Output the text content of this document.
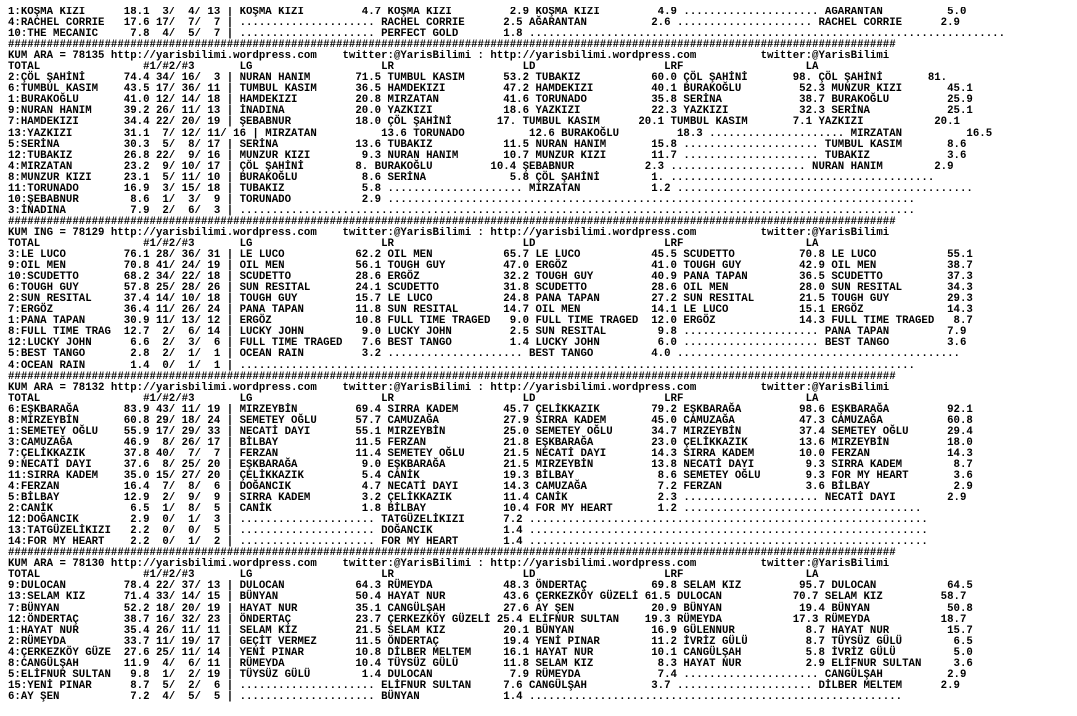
1:KOŞMA KIZI      18.1  3/  4/ 13 | KOŞMA KIZI         4.7 KOŞMA KIZI         2.9 KOŞMA KIZI         4.9 ..................... AĞARANTAN          5.0
4:RACHEL CORRIE   17.6 17/  7/  7 | ..................... RACHEL CORRIE      2.5 AĞARANTAN          2.6 ..................... RACHEL CORRIE      2.9
10:THE MECANIC     7.8  4/  5/  7 | ..................... PERFECT GOLD       1.8 ..........................................................................
##########################################################################################################################################
KUM ARA = 78135 http://yarisbilimi.wordpress.com    twitter:@YarisBilimi : http://yarisbilimi.wordpress.com          twitter:@YarisBilimi
TOTAL                #1/#2/#3       LG                    LR                    LD                    LRF                   LA
2:ÇÖL ŞAHİNİ      74.4 34/ 16/  3 | NURAN HANIM       71.5 TUMBUL KASIM      53.2 TUBAKIZ           60.0 ÇÖL ŞAHİNİ       98. ÇÖL ŞAHİNİ       81.
6:TUMBUL KASIM    43.5 17/ 36/ 11 | TUMBUL KASIM      36.5 HAMDEKIZI         47.2 HAMDEKIZI         40.1 BURAKOĞLU         52.3 MUNZUR KIZI       45.1
1:BURAKOĞLU       41.0 12/ 14/ 18 | HAMDEKIZI         20.8 MIRZATAN          41.6 TORUNADO          35.8 SERİNA            38.7 BURAKOĞLU         25.9
9:NURAN HANIM     39.2 26/ 11/ 13 | İNADINA           20.0 YAZKIZI           18.6 YAZKIZI           22.3 YAZKIZI           32.3 SERİNA            25.1
7:HAMDEKIZI       34.4 22/ 20/ 19 | ŞEBABNUR          18.0 ÇÖL ŞAHİNİ       17. TUMBUL KASIM      20.1 TUMBUL KASIM       7.1 YAZKIZI           20.1
13:YAZKIZI        31.1  7/ 12/ 11/ 16 | MIRZATAN          13.6 TORUNADO          12.6 BURAKOĞLU         18.3 ..................... MIRZATAN          16.5
5:SERİNA          30.3  5/  8/ 17 | SERİNA            13.6 TUBAKIZ           11.5 NURAN HANIM       15.8 ..................... TUMBUL KASIM       8.6
12:TUBAKIZ        26.8 22/  9/ 16 | MUNZUR KIZI        9.3 NURAN HANIM       10.7 MUNZUR KIZI       11.7 ..................... TUBAKIZ            3.6
4:MIRZATAN        23.2  9/ 10/ 17 | ÇÖL ŞAHİNİ        8. BURAKOĞLU         10.4 ŞEBABNUR           2.3 ..................... NURAN HANIM        2.9
8:MUNZUR KIZI     23.1  5/ 11/ 10 | BURAKOĞLU          8.6 SERİNA             5.8 ÇÖL ŞAHİNİ        1. .........................................
11:TORUNADO       16.9  3/ 15/ 18 | TUBAKIZ            5.8 ..................... MIRZATAN           1.2 ..............................................
10:ŞEBABNUR        8.6  1/  3/  9 | TORUNADO           2.9 ..................................................................................
3:İNADINA          7.9  2/  6/  3 | .........................................................................................................
##########################################################################################################################################
KUM ING = 78129 http://yarisbilimi.wordpress.com    twitter:@YarisBilimi : http://yarisbilimi.wordpress.com          twitter:@YarisBilimi
TOTAL                #1/#2/#3       LG                    LR                    LD                    LRF                   LA
3:LE LUCO         76.1 28/ 36/ 31 | LE LUCO           62.2 OIL MEN           65.7 LE LUCO           45.5 SCUDETTO          70.8 LE LUCO           55.1
9:OIL MEN         70.8 41/ 24/ 19 | OIL MEN           56.1 TOUGH GUY         47.0 ERGÖZ             41.0 TOUGH GUY         42.9 OIL MEN           38.7
10:SCUDETTO       68.2 34/ 22/ 18 | SCUDETTO          28.6 ERGÖZ             32.2 TOUGH GUY         40.9 PANA TAPAN        36.5 SCUDETTO          37.3
6:TOUGH GUY       57.8 25/ 28/ 26 | SUN RESITAL       24.1 SCUDETTO          31.8 SCUDETTO          28.6 OIL MEN           28.0 SUN RESITAL       34.3
2:SUN RESITAL     37.4 14/ 10/ 18 | TOUGH GUY         15.7 LE LUCO           24.8 PANA TAPAN        27.2 SUN RESITAL       21.5 TOUGH GUY         29.3
7:ERGÖZ           36.4 11/ 26/ 24 | PANA TAPAN        11.8 SUN RESITAL       14.7 OIL MEN           14.1 LE LUCO           15.1 ERGÖZ             14.3
1:PANA TAPAN      30.9 11/ 13/ 12 | ERGÖZ             10.8 FULL TIME TRAGED   9.0 FULL TIME TRAGED  12.0 ERGÖZ             14.3 FULL TIME TRAGED   8.7
8:FULL TIME TRAG  12.7  2/  6/ 14 | LUCKY JOHN         9.0 LUCKY JOHN         2.5 SUN RESITAL        9.8 ..................... PANA TAPAN         7.9
12:LUCKY JOHN      6.6  2/  3/  6 | FULL TIME TRAGED   7.6 BEST TANGO         1.4 LUCKY JOHN         6.0 ..................... BEST TANGO         3.6
5:BEST TANGO       2.8  2/  1/  1 | OCEAN RAIN         3.2 ..................... BEST TANGO         4.0 ............................................
4:OCEAN RAIN       1.4  0/  1/  1 | .........................................................................................................
##########################################################################################################################################
KUM ARA = 78132 http://yarisbilimi.wordpress.com    twitter:@YarisBilimi : http://yarisbilimi.wordpress.com          twitter:@YarisBilimi
TOTAL                #1/#2/#3       LG                    LR                    LD                    LRF                   LA
6:EŞKBARAĞA       83.9 43/ 11/ 19 | MIRZEYBİN         69.4 SIRRA KADEM       45.7 ÇELİKKAZIK        79.2 EŞKBARAĞA         98.6 EŞKBARAĞA         92.1
8:MIRZEYBİN       60.8 29/ 18/ 24 | SEMETEY OĞLU      57.7 CAMUZAĞA          27.9 SIRRA KADEM       45.0 CAMUZAĞA          47.3 CAMUZAĞA          60.8
1:SEMETEY OĞLU    55.9 17/ 29/ 33 | NECATİ DAYI       55.1 MIRZEYBİN         25.0 SEMETEY OĞLU      34.7 MIRZEYBİN         37.4 SEMETEY OĞLU      29.4
3:CAMUZAĞA        46.9  8/ 26/ 17 | BİLBAY            11.5 FERZAN            21.8 EŞKBARAĞA         23.0 ÇELİKKAZIK        13.6 MIRZEYBİN         18.0
7:ÇELİKKAZIK      37.8 40/  7/  7 | FERZAN            11.4 SEMETEY OĞLU      21.5 NECATİ DAYI       14.3 SIRRA KADEM       10.0 FERZAN            14.3
9:NECATİ DAYI     37.6  8/ 25/ 20 | EŞKBARAĞA          9.0 EŞKBARAĞA         21.5 MIRZEYBİN         13.8 NECATİ DAYI        9.3 SIRRA KADEM        8.7
11:SIRRA KADEM    35.0 15/ 27/ 20 | ÇELİKKAZIK         5.4 CANİK             19.3 BİLBAY             8.6 SEMETEY OĞLU       9.3 FOR MY HEART       3.6
4:FERZAN          16.4  7/  8/  6 | DOĞANCIK           4.7 NECATİ DAYI       14.3 CAMUZAĞA           7.2 FERZAN             3.6 BİLBAY             2.9
5:BİLBAY          12.9  2/  9/  9 | SIRRA KADEM        3.2 ÇELİKKAZIK        11.4 CANİK              2.3 ..................... NECATİ DAYI        2.9
2:CANİK            6.5  1/  8/  5 | CANİK              1.8 BİLBAY            10.4 FOR MY HEART       1.2 .....................................
12:DOĞANCIK        2.9  0/  1/  3 | ..................... TATGÜZELİKIZI      7.2 ..............................................................
13:TATGÜZELİKIZI   2.2  0/  0/  5 | ..................... DOĞANCIK           1.4 ..............................................................
14:FOR MY HEART    2.2  0/  1/  2 | ..................... FOR MY HEART       1.4 ..............................................................
##########################################################################################################################################
KUM ARA = 78130 http://yarisbilimi.wordpress.com    twitter:@YarisBilimi : http://yarisbilimi.wordpress.com          twitter:@YarisBilimi
TOTAL                #1/#2/#3       LG                    LR                    LD                    LRF                   LA
9:DULOCAN         78.4 22/ 37/ 13 | DULOCAN           64.3 RÜMEYDA           48.3 ÖNDERTAÇ          69.8 SELAM KIZ         95.7 DULOCAN           64.5
13:SELAM KIZ      71.4 33/ 14/ 15 | BÜNYAN            50.4 HAYAT NUR         43.6 ÇERKEZKÖY GÜZELİ 61.5 DULOCAN           70.7 SELAM KIZ         58.7
7:BÜNYAN          52.2 18/ 20/ 19 | HAYAT NUR         35.1 CANGÜLŞAH         27.6 AY ŞEN            20.9 BÜNYAN            19.4 BÜNYAN            50.8
12:ÖNDERTAÇ       38.7 16/ 32/ 23 | ÖNDERTAÇ          23.7 ÇERKEZKÖY GÜZELİ 25.4 ELİFNUR SULTAN    19.3 RÜMEYDA           17.3 RÜMEYDA           18.7
1:HAYAT NUR       35.4 26/ 11/ 11 | SELAM KIZ         21.5 SELAM KIZ         20.1 BÜNYAN            16.9 GÜLENNUR           8.7 HAYAT NUR         15.7
2:RÜMEYDA         33.7 11/ 19/ 17 | GEÇİT VERMEZ      11.5 ÖNDERTAÇ          19.4 YENİ PINAR        11.2 İVRİZ GÜLÜ         8.7 TÜYSÜZ GÜLÜ        6.5
4:ÇERKEZKÖY GÜZE  27.6 25/ 11/ 14 | YENİ PINAR        10.8 DİLBER MELTEM     16.1 HAYAT NUR         10.1 CANGÜLŞAH          5.8 İVRİZ GÜLÜ         5.0
8:CANGÜLŞAH       11.9  4/  6/ 11 | RÜMEYDA           10.4 TÜYSÜZ GÜLÜ       11.8 SELAM KIZ          8.3 HAYAT NUR          2.9 ELİFNUR SULTAN     3.6
5:ELİFNUR SULTAN   9.8  1/  2/ 19 | TÜYSÜZ GÜLÜ        1.4 DULOCAN            7.9 RÜMEYDA            7.4 ..................... CANGÜLŞAH          2.9
15:YENİ PINAR      8.7  5/  2/  6 | ..................... ELİFNUR SULTAN     7.6 CANGÜLŞAH          3.7 ..................... DİLBER MELTEM      2.9
6:AY ŞEN           7.2  4/  5/  5 | ..................... BÜNYAN             1.4 ..........................................................
